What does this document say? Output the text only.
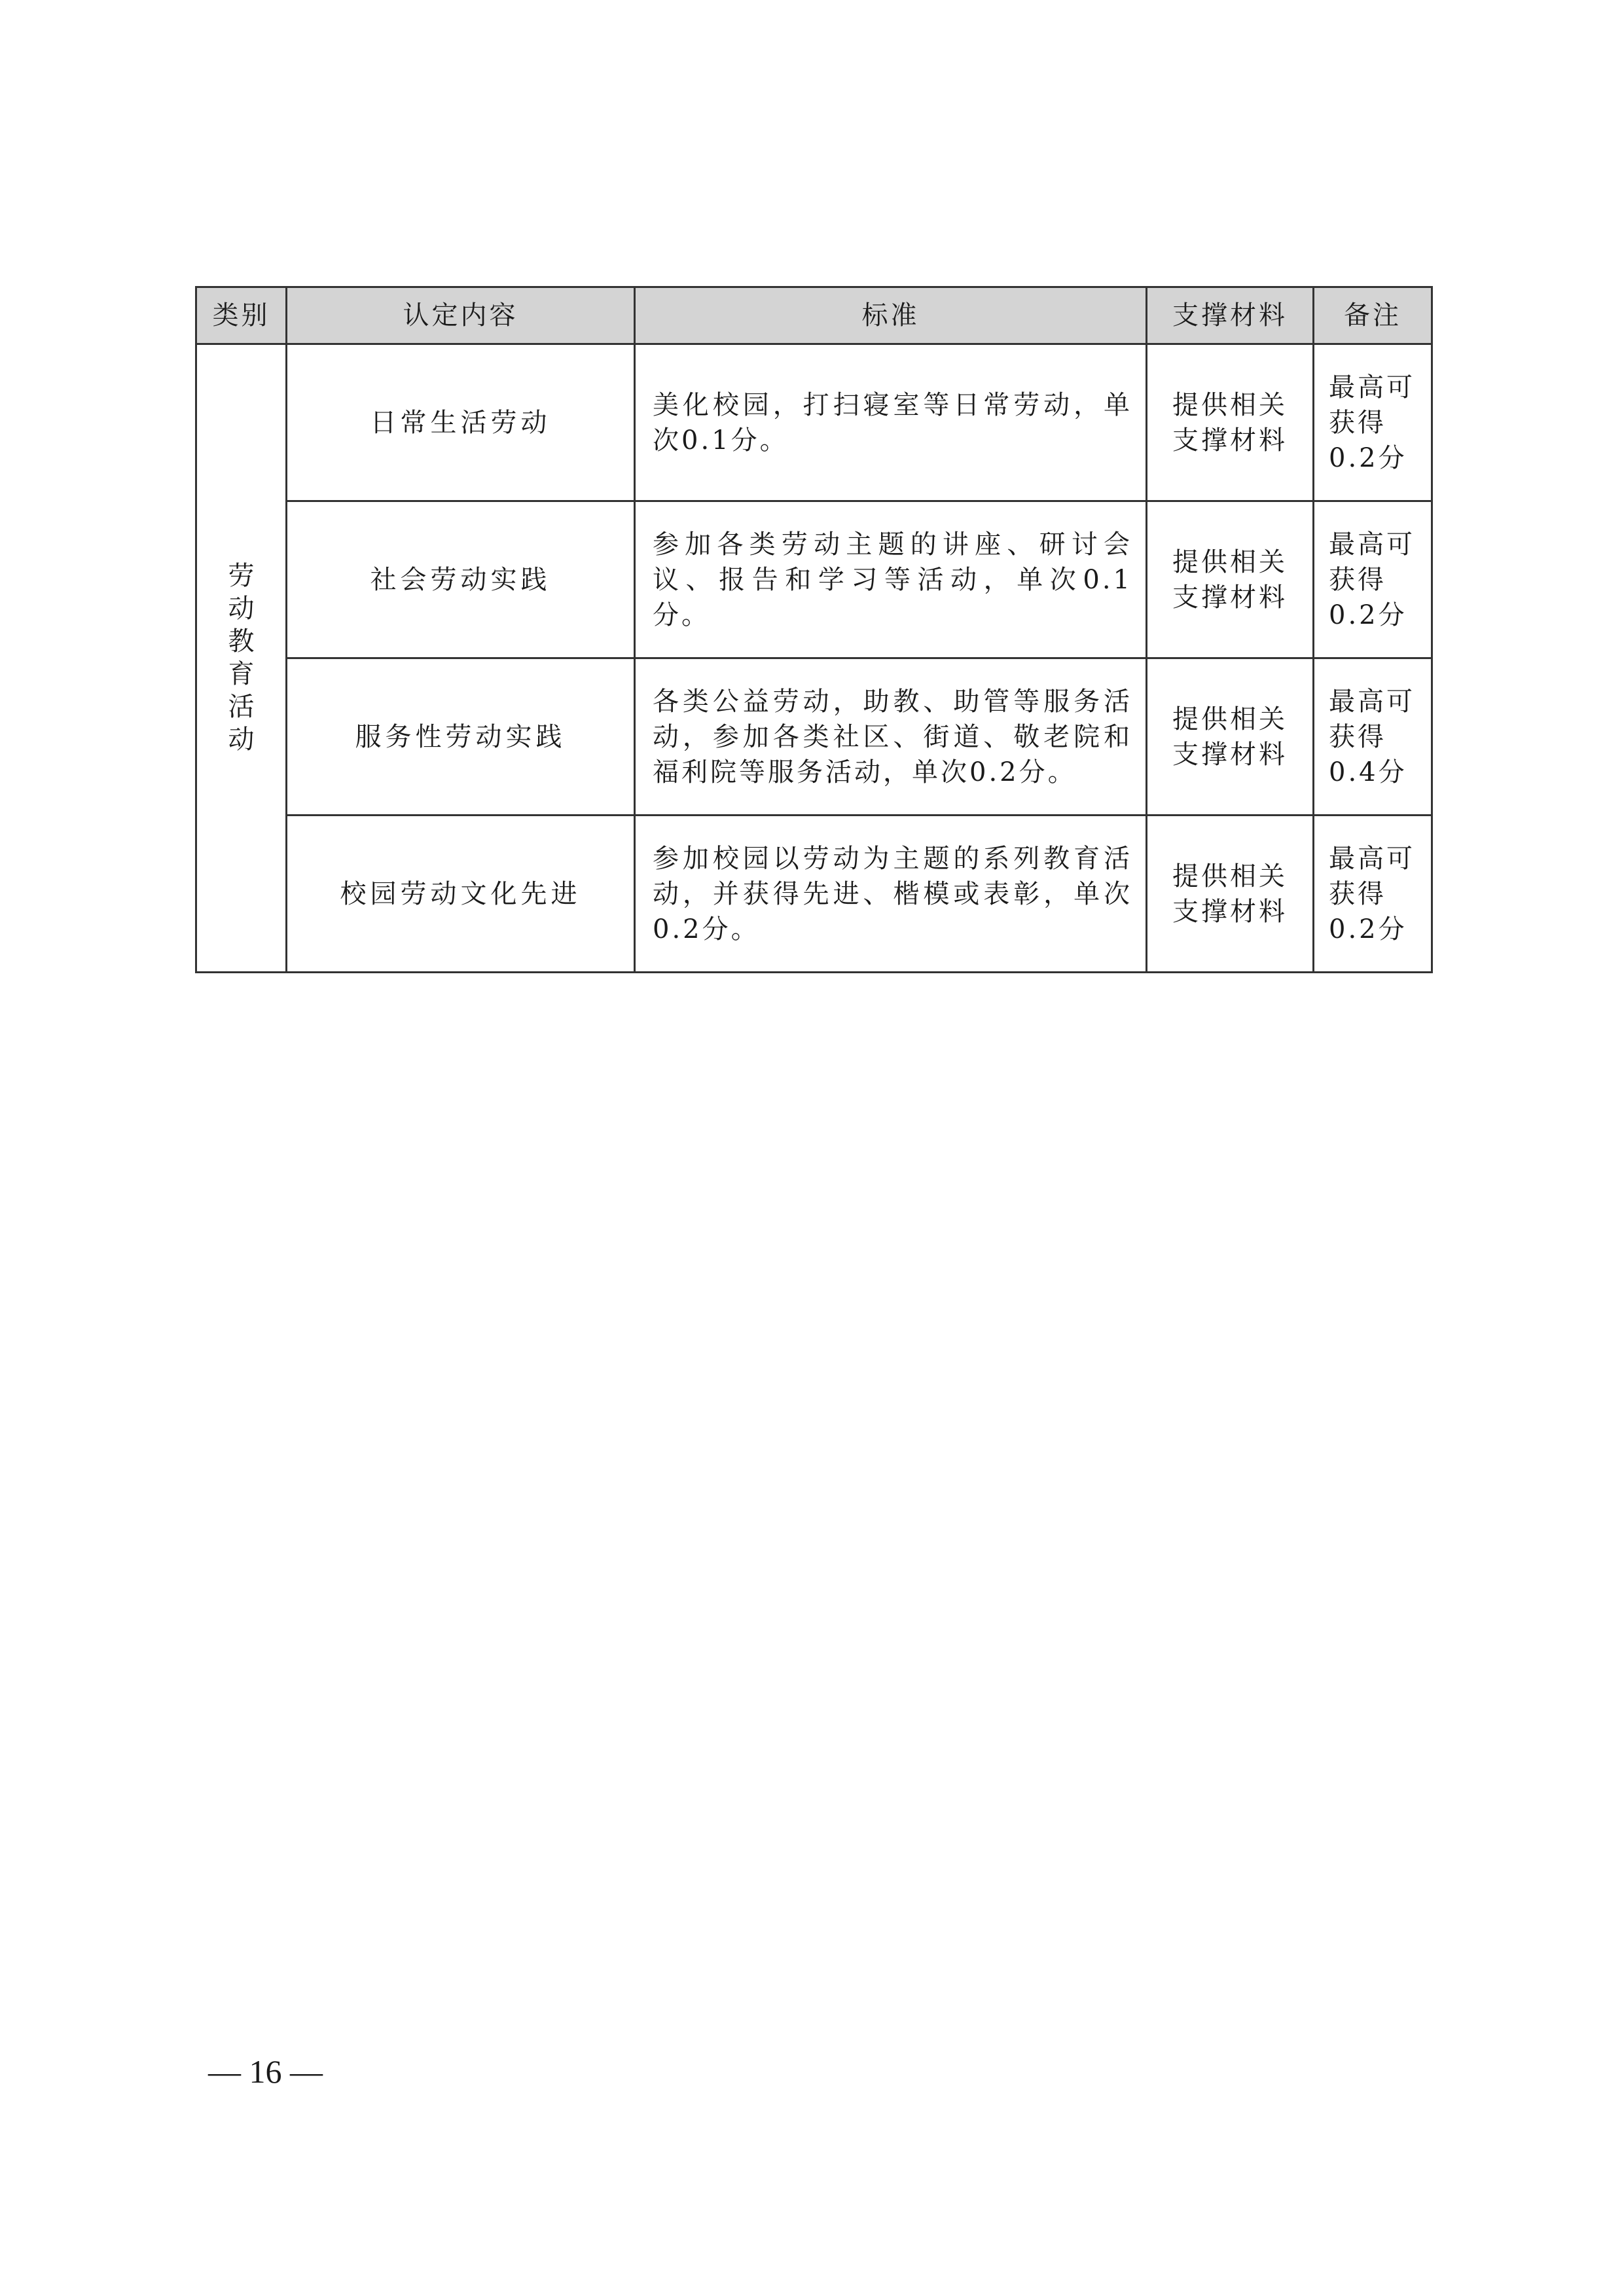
类别	认定内容	标准	支撑材料	备注
劳动教育活动	日常生活劳动	美化校园，打扫寝室等日常劳动，单次0.1分。	提供相关支撑材料	最高可获得0.2分
	社会劳动实践	参加各类劳动主题的讲座、研讨会议、报告和学习等活动，单次0.1分。	提供相关支撑材料	最高可获得0.2分
	服务性劳动实践	各类公益劳动，助教、助管等服务活动，参加各类社区、街道、敬老院和福利院等服务活动，单次0.2分。	提供相关支撑材料	最高可获得0.4分
	校园劳动文化先进	参加校园以劳动为主题的系列教育活动，并获得先进、楷模或表彰，单次0.2分。	提供相关支撑材料	最高可获得0.2分
— 16 —
